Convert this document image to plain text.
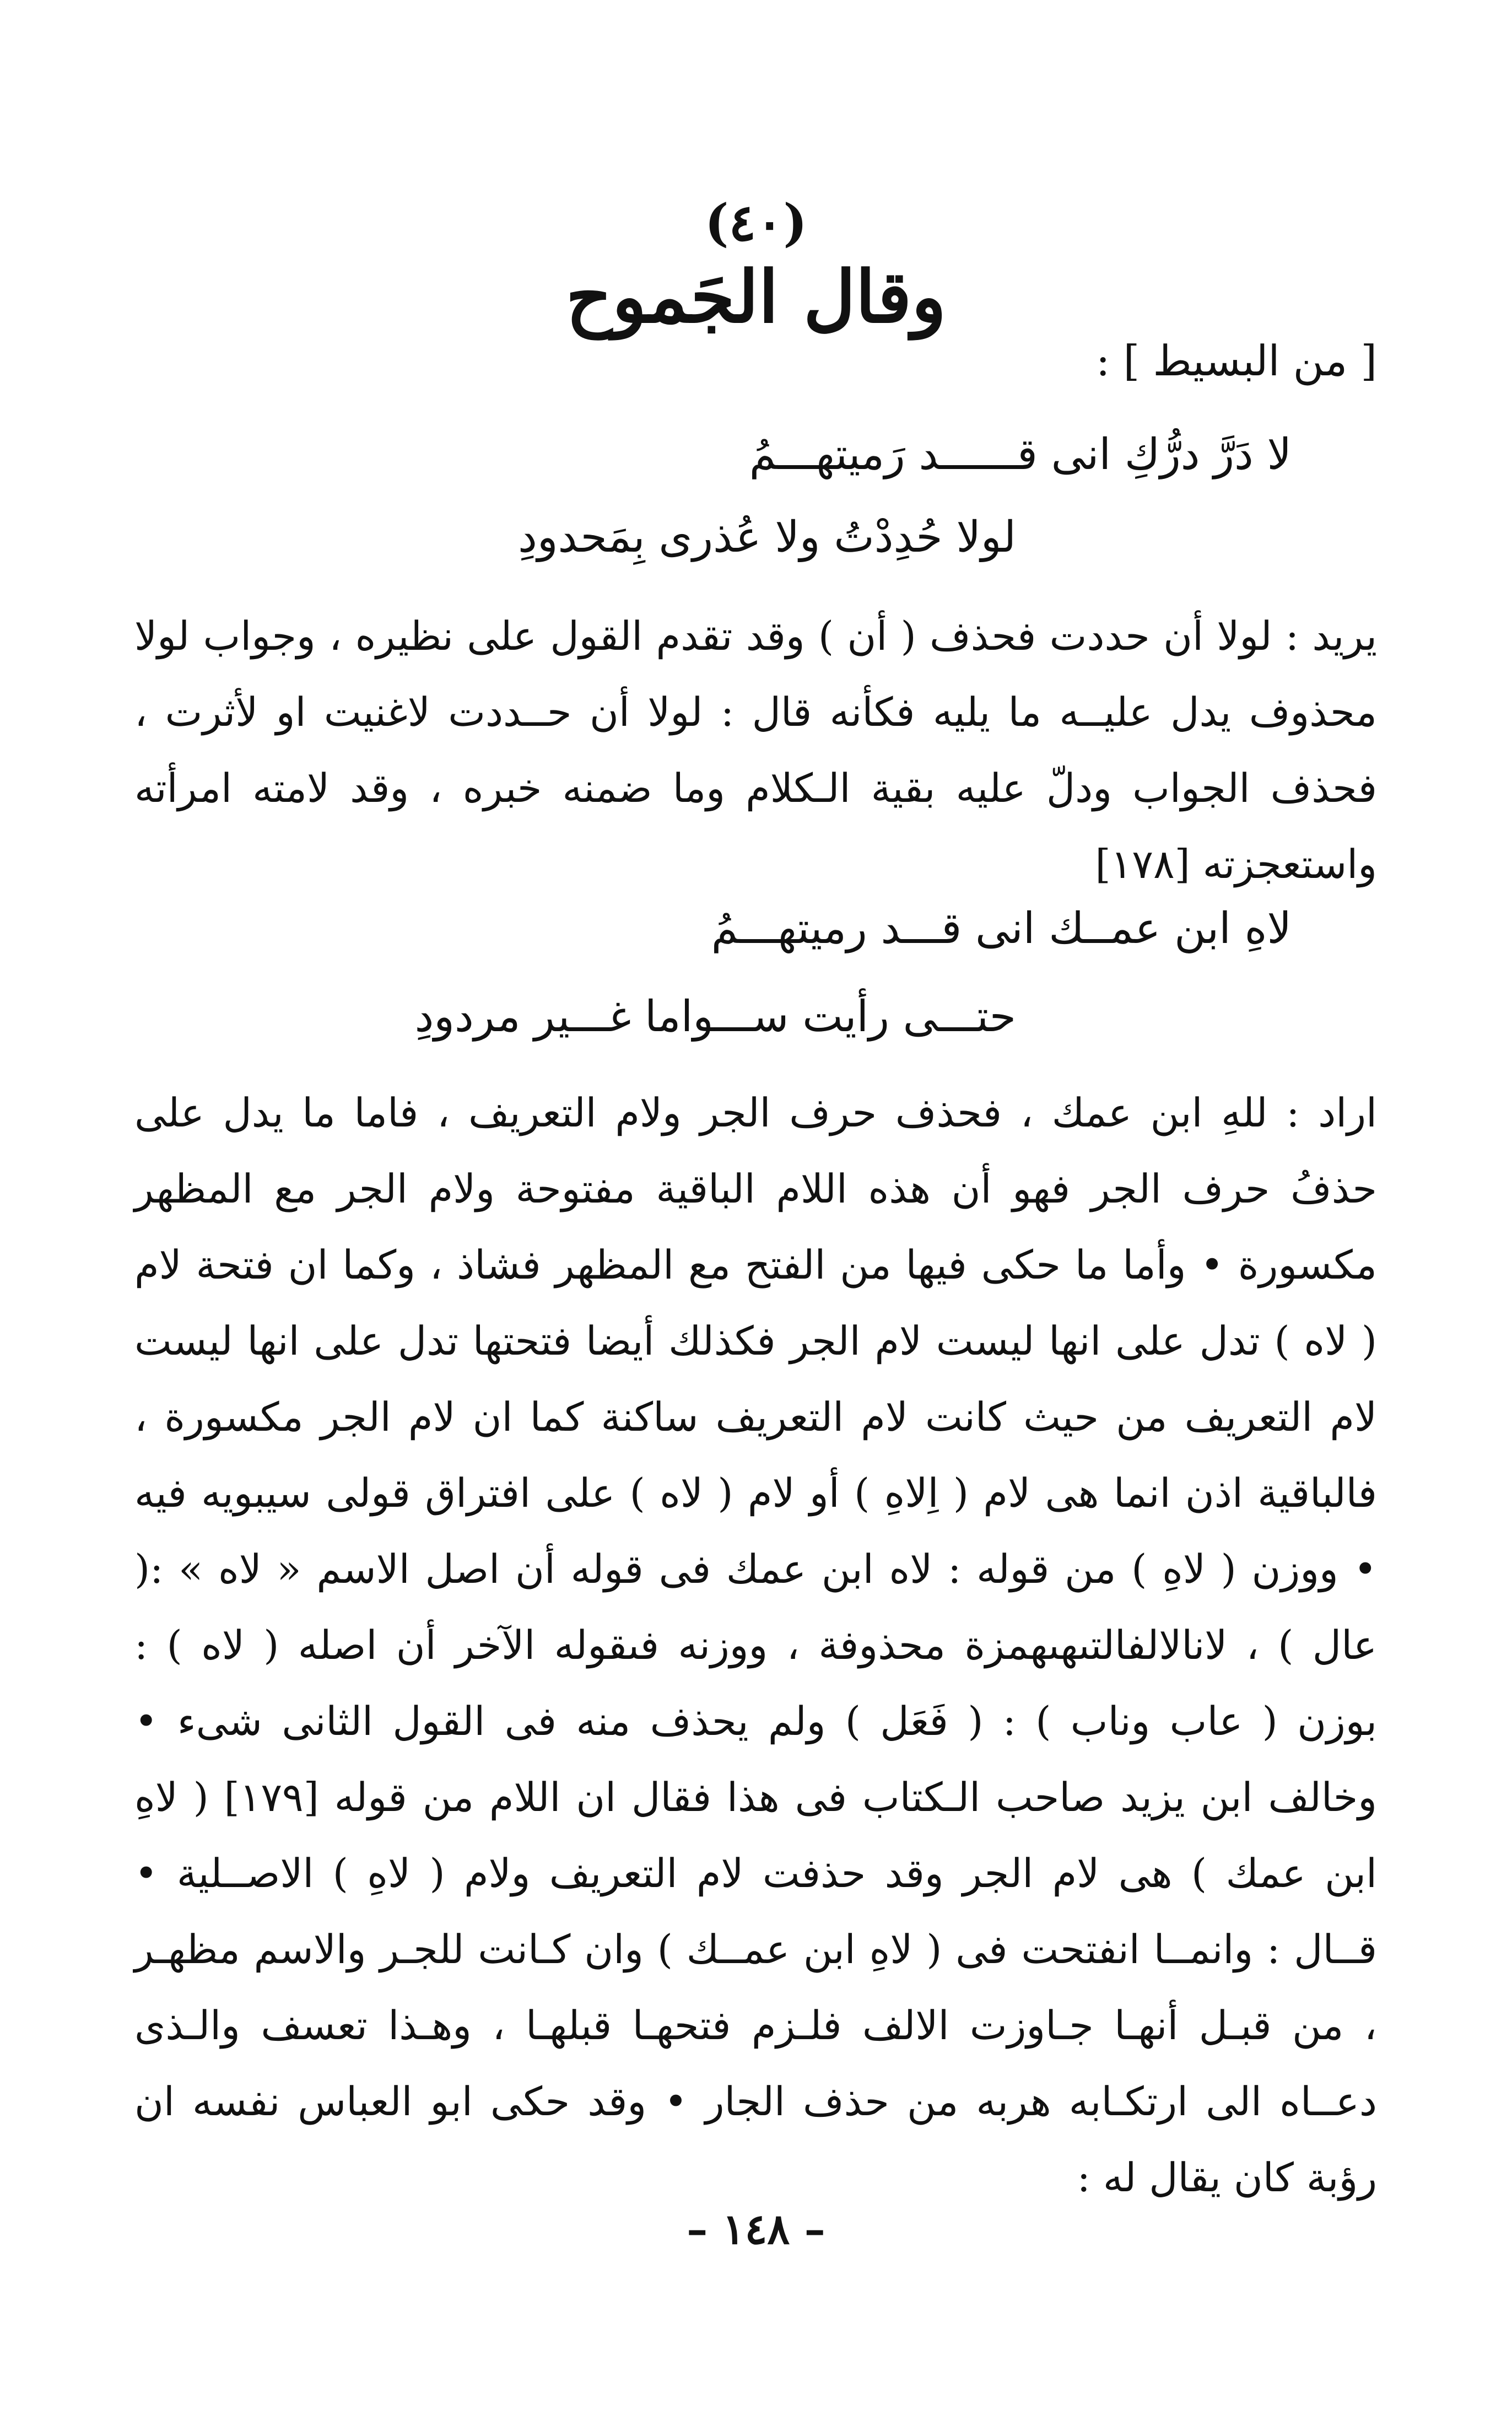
(٤٠)
وقال الجَموح
[ من البسيط ] :
لا دَرَّ درُّكِ انى قــــــد رَميتهـــمُ
لولا حُدِدْتُ ولا عُذرى بِمَحدودِ

يريد : لولا أن حددت فحذف ( أن ) وقد تقدم القول على نظيره ، وجواب لولا محذوف يدل عليــه ما يليه فكأنه قال : لولا أن حــددت لاغنيت او لأثرت ، فحذف الجواب ودلّ عليه بقية الـكلام وما ضمنه خبره ، وقد لامته امرأته واستعجزته [١٧٨]

لاهِ ابن عمــك انى قـــد رميتهـــمُ
حتـــى رأيت ســـواما غـــير مردودِ

اراد : للهِ ابن عمك ، فحذف حرف الجر ولام التعريف ، فاما ما يدل على حذفُ حرف الجر فهو أن هذه اللام الباقية مفتوحة ولام الجر مع المظهر مكسورة • وأما ما حكى فيها من الفتح مع المظهر فشاذ ، وكما ان فتحة لام ( لاه ) تدل على انها ليست لام الجر فكذلك أيضا فتحتها تدل على انها ليست لام التعريف من حيث كانت لام التعريف ساكنة كما ان لام الجر مكسورة ، فالباقية اذن انما هى لام ( اِلاهِ ) أو لام ( لاه ) على افتراق قولى سيبويه فيه • ووزن ( لاهِ ) من قوله : لاه ابن عمك فى قوله أن اصل الاسم « لاه » :( عال ) ، لانالالفالتىهىهمزة محذوفة ، ووزنه فىقوله الآخر أن اصله ( لاه ) : بوزن ( عاب وناب ) : ( فَعَل ) ولم يحذف منه فى القول الثانى شىء • وخالف ابن يزيد صاحب الـكتاب فى هذا فقال ان اللام من قوله [١٧٩] ( لاهِ ابن عمك ) هى لام الجر وقد حذفت لام التعريف ولام ( لاهِ ) الاصــلية • قــال : وانمــا انفتحت فى ( لاهِ ابن عمــك ) وان كـانت للجـر والاسم مظهـر ، من قبـل أنهـا جـاوزت الالف فلـزم فتحهـا قبلهـا ، وهـذا تعسف والـذى دعــاه الى ارتكـابه هربه من حذف الجار • وقد حكى ابو العباس نفسه ان رؤبة كان يقال له :

– ١٤٨ –
